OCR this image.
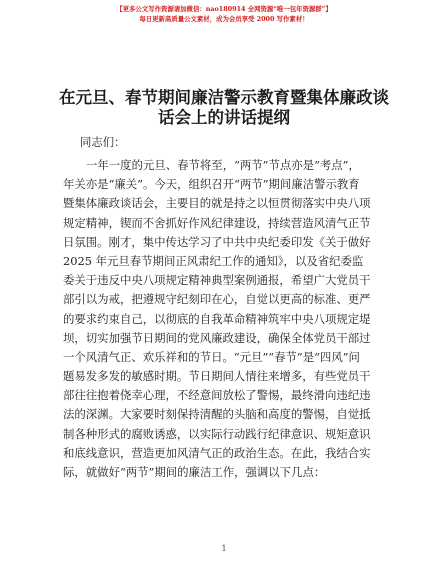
【更多公文写作资源请加微信：nao180914 全网资源“唯一包年资源群”】
每日更新高质量公文素材，成为会员享受 2000 写作素材！
在元旦、春节期间廉洁警示教育暨集体廉政谈
话会上的讲话提纲
同志们：
一年一度的元旦、春节将至，“两节”节点亦是“考点”，
年关亦是“廉关”。今天，组织召开“两节”期间廉洁警示教育
暨集体廉政谈话会，主要目的就是持之以恒贯彻落实中央八项
规定精神，锲而不舍抓好作风纪律建设，持续营造风清气正节
日氛围。刚才，集中传达学习了中共中央纪委印发《关于做好
2025 年元旦春节期间正风肃纪工作的通知》，以及省纪委监
委关于违反中央八项规定精神典型案例通报，希望广大党员干
部引以为戒，把遵规守纪刻印在心，自觉以更高的标准、更严
的要求约束自己，以彻底的自我革命精神筑牢中央八项规定堤
坝，切实加强节日期间的党风廉政建设，确保全体党员干部过
一个风清气正、欢乐祥和的节日。“元旦”“春节”是“四风”问
题易发多发的敏感时期。节日期间人情往来增多，有些党员干
部往往抱着侥幸心理，不经意间放松了警惕，最终滑向违纪违
法的深渊。大家要时刻保持清醒的头脑和高度的警惕，自觉抵
制各种形式的腐败诱惑，以实际行动践行纪律意识、规矩意识
和底线意识，营造更加风清气正的政治生态。在此，我结合实
际，就做好“两节”期间的廉洁工作，强调以下几点：
1
